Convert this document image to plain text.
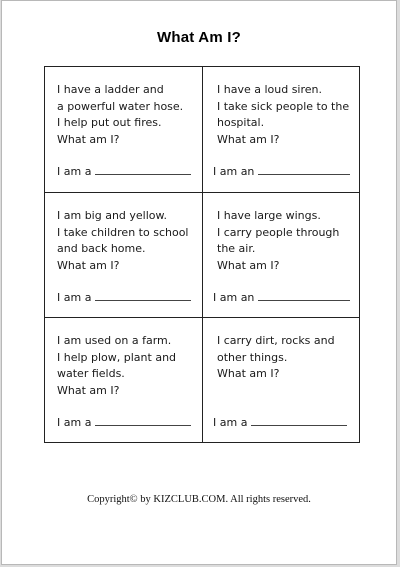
What Am I?
I have a ladder and
a powerful water hose.
I help put out fires.
What am I?
I am a
I have a loud siren.
I take sick people to the
hospital.
What am I?
I am an
I am big and yellow.
I take children to school
and back home.
What am I?
I am a
I have large wings.
I carry people through
the air.
What am I?
I am an
I am used on a farm.
I help plow, plant and
water fields.
What am I?
I am a
I carry dirt, rocks and
other things.
What am I?
I am a
Copyright© by KIZCLUB.COM. All rights reserved.
